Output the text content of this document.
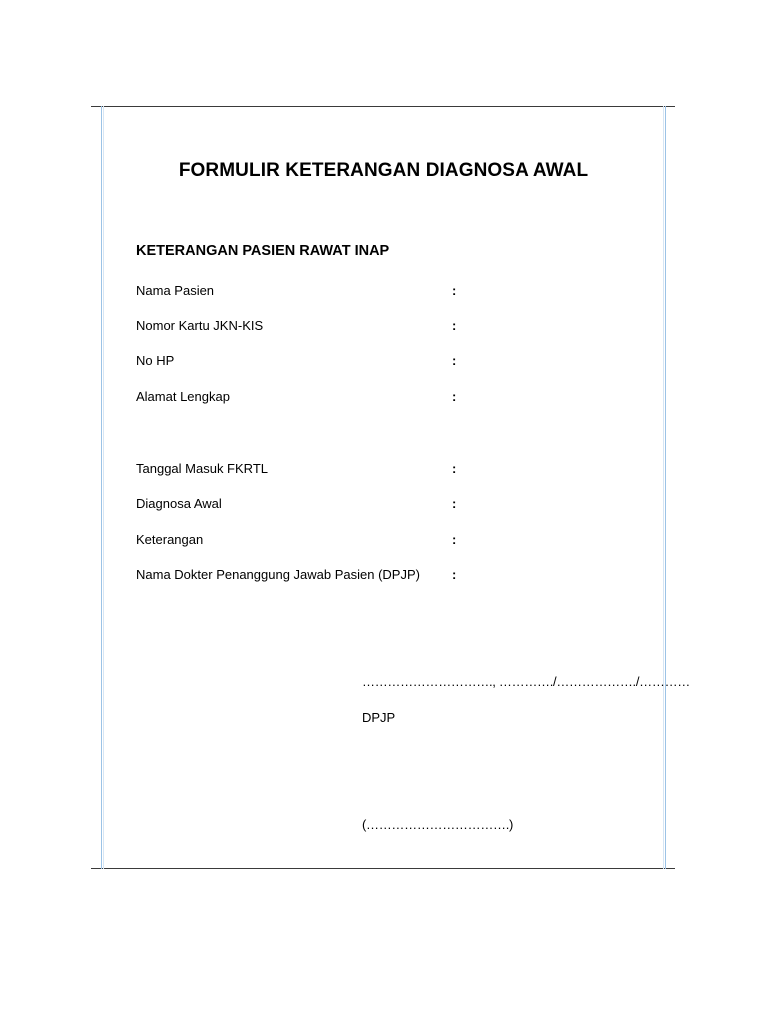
FORMULIR KETERANGAN DIAGNOSA AWAL
KETERANGAN PASIEN RAWAT INAP
Nama Pasien	:
Nomor Kartu JKN-KIS	:
No HP	:
Alamat Lengkap	:
Tanggal Masuk FKRTL	:
Diagnosa Awal	:
Keterangan	:
Nama Dokter Penanggung Jawab Pasien (DPJP) :
…………………………., …………./………………./…………
DPJP
(…………………………….)
